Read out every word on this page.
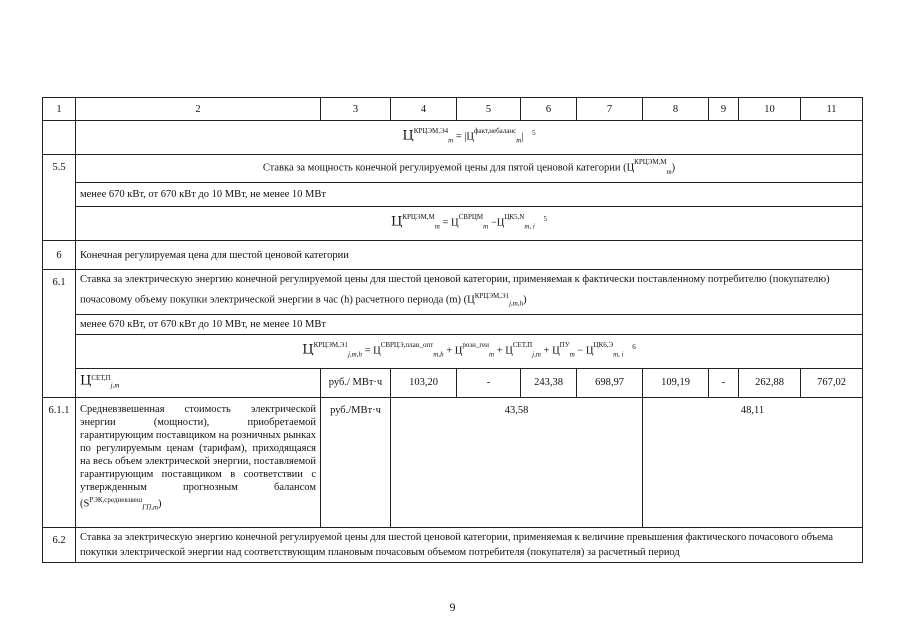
1	2	3	4	5	6	7	8	9	10	11
	$Ц^{КРЦЭМ,Э4}_m = |Ц^{факт,небаланс}_m|$ $^5$
5.5	Ставка за мощность конечной регулируемой цены для пятой ценовой категории $(Ц^{КРЦЭМ,М}_m)$									
	менее 670 кВт, от 670 кВт до 10 МВт, не менее 10 МВт									
	$Ц^{КРЦЭМ,М}_m = Ц^{СВРЦМ}_m -Ц^{ЦК5,N}_{m, i}$ $^5$
6	Конечная регулируемая цена для шестой ценовой категории									
6.1	Ставка за электрическую энергию конечной регулируемой цены для шестой ценовой категории, применяемая к фактически поставленному потребителю (покупателю) почасовому объему покупки электрической энергии в час (h) расчетного периода (m) $(Ц^{КРЦЭМ,Э1}_{j,m,h})$									
	менее 670 кВт, от 670 кВт до 10 МВт, не менее 10 МВт									
	$Ц^{КРЦЭМ,Э1}_{j,m,h} = Ц^{СВРЦЭ,план\_опт}_{m,h} + Ц^{розн\_ген}_m + Ц^{СЕТ,П}_{j,m} + Ц^{ПУ}_m - Ц^{ЦК6,Э}_{m, i}$ $^6$
	$Ц^{СЕТ,П}_{j,m}$	руб./ МВт·ч	103,20	-	243,38	698,97	109,19	-	262,88	767,02
6.1.1	Средневзвешенная стоимость электрической энергии (мощности), приобретаемой гарантирующим поставщиком на розничных рынках по регулируемым ценам (тарифам), приходящаяся на весь объем электрической энергии, поставляемой гарантирующим поставщиком в соответствии с утвержденным прогнозным балансом $(S^{РЭК,средневзвеш}_{ГП,m})$	руб./МВт·ч	43,58				48,11			
6.2	Ставка за электрическую энергию конечной регулируемой цены для шестой ценовой категории, применяемая к величине превышения фактического почасового объема покупки электрической энергии над соответствующим плановым почасовым объемом потребителя (покупателя) за расчетный период									
9
